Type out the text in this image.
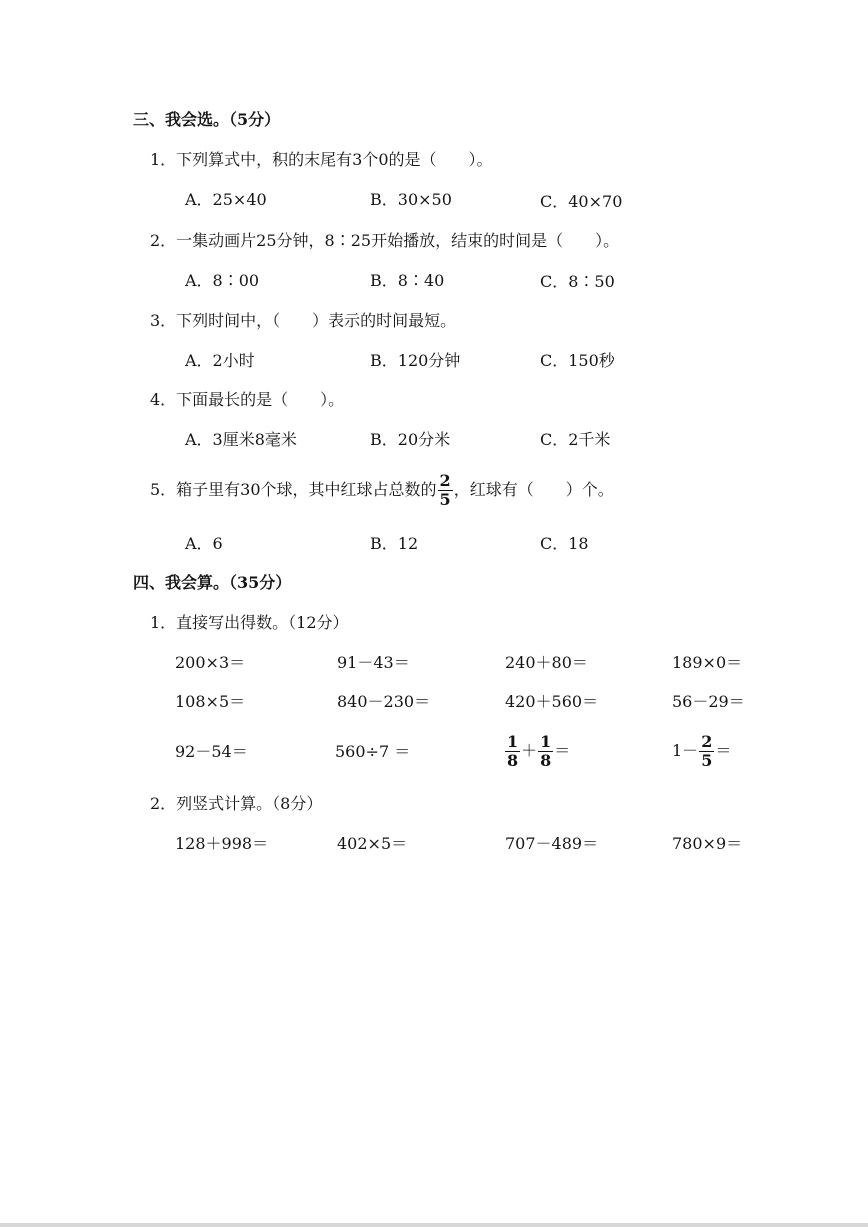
三、我会选。（5分）
1．下列算式中，积的末尾有3个0的是（　　）。
A．25×40	B．30×50	C．40×70
2．一集动画片25分钟，8∶25开始播放，结束的时间是（　　）。
A．8∶00	B．8∶40	C．8∶50
3．下列时间中，（　　）表示的时间最短。
A．2小时	B．120分钟	C．150秒
4．下面最长的是（　　）。
A．3厘米8毫米	B．20分米	C．2千米
5．箱子里有30个球，其中红球占总数的 $\frac{2}{5}$ ，红球有（　　）个。
A．6	B．12	C．18
四、我会算。（35分）
1．直接写出得数。（12分）
200×3＝	91－43＝	240＋80＝	189×0＝
108×5＝	840－230＝	420＋560＝	56－29＝
92－54＝	560÷7 ＝	$\frac{1}{8} + \frac{1}{8}$ ＝	$1- \frac{2}{5}$ ＝
2．列竖式计算。（8分）
128＋998＝	402×5＝	707－489＝	780×9＝
